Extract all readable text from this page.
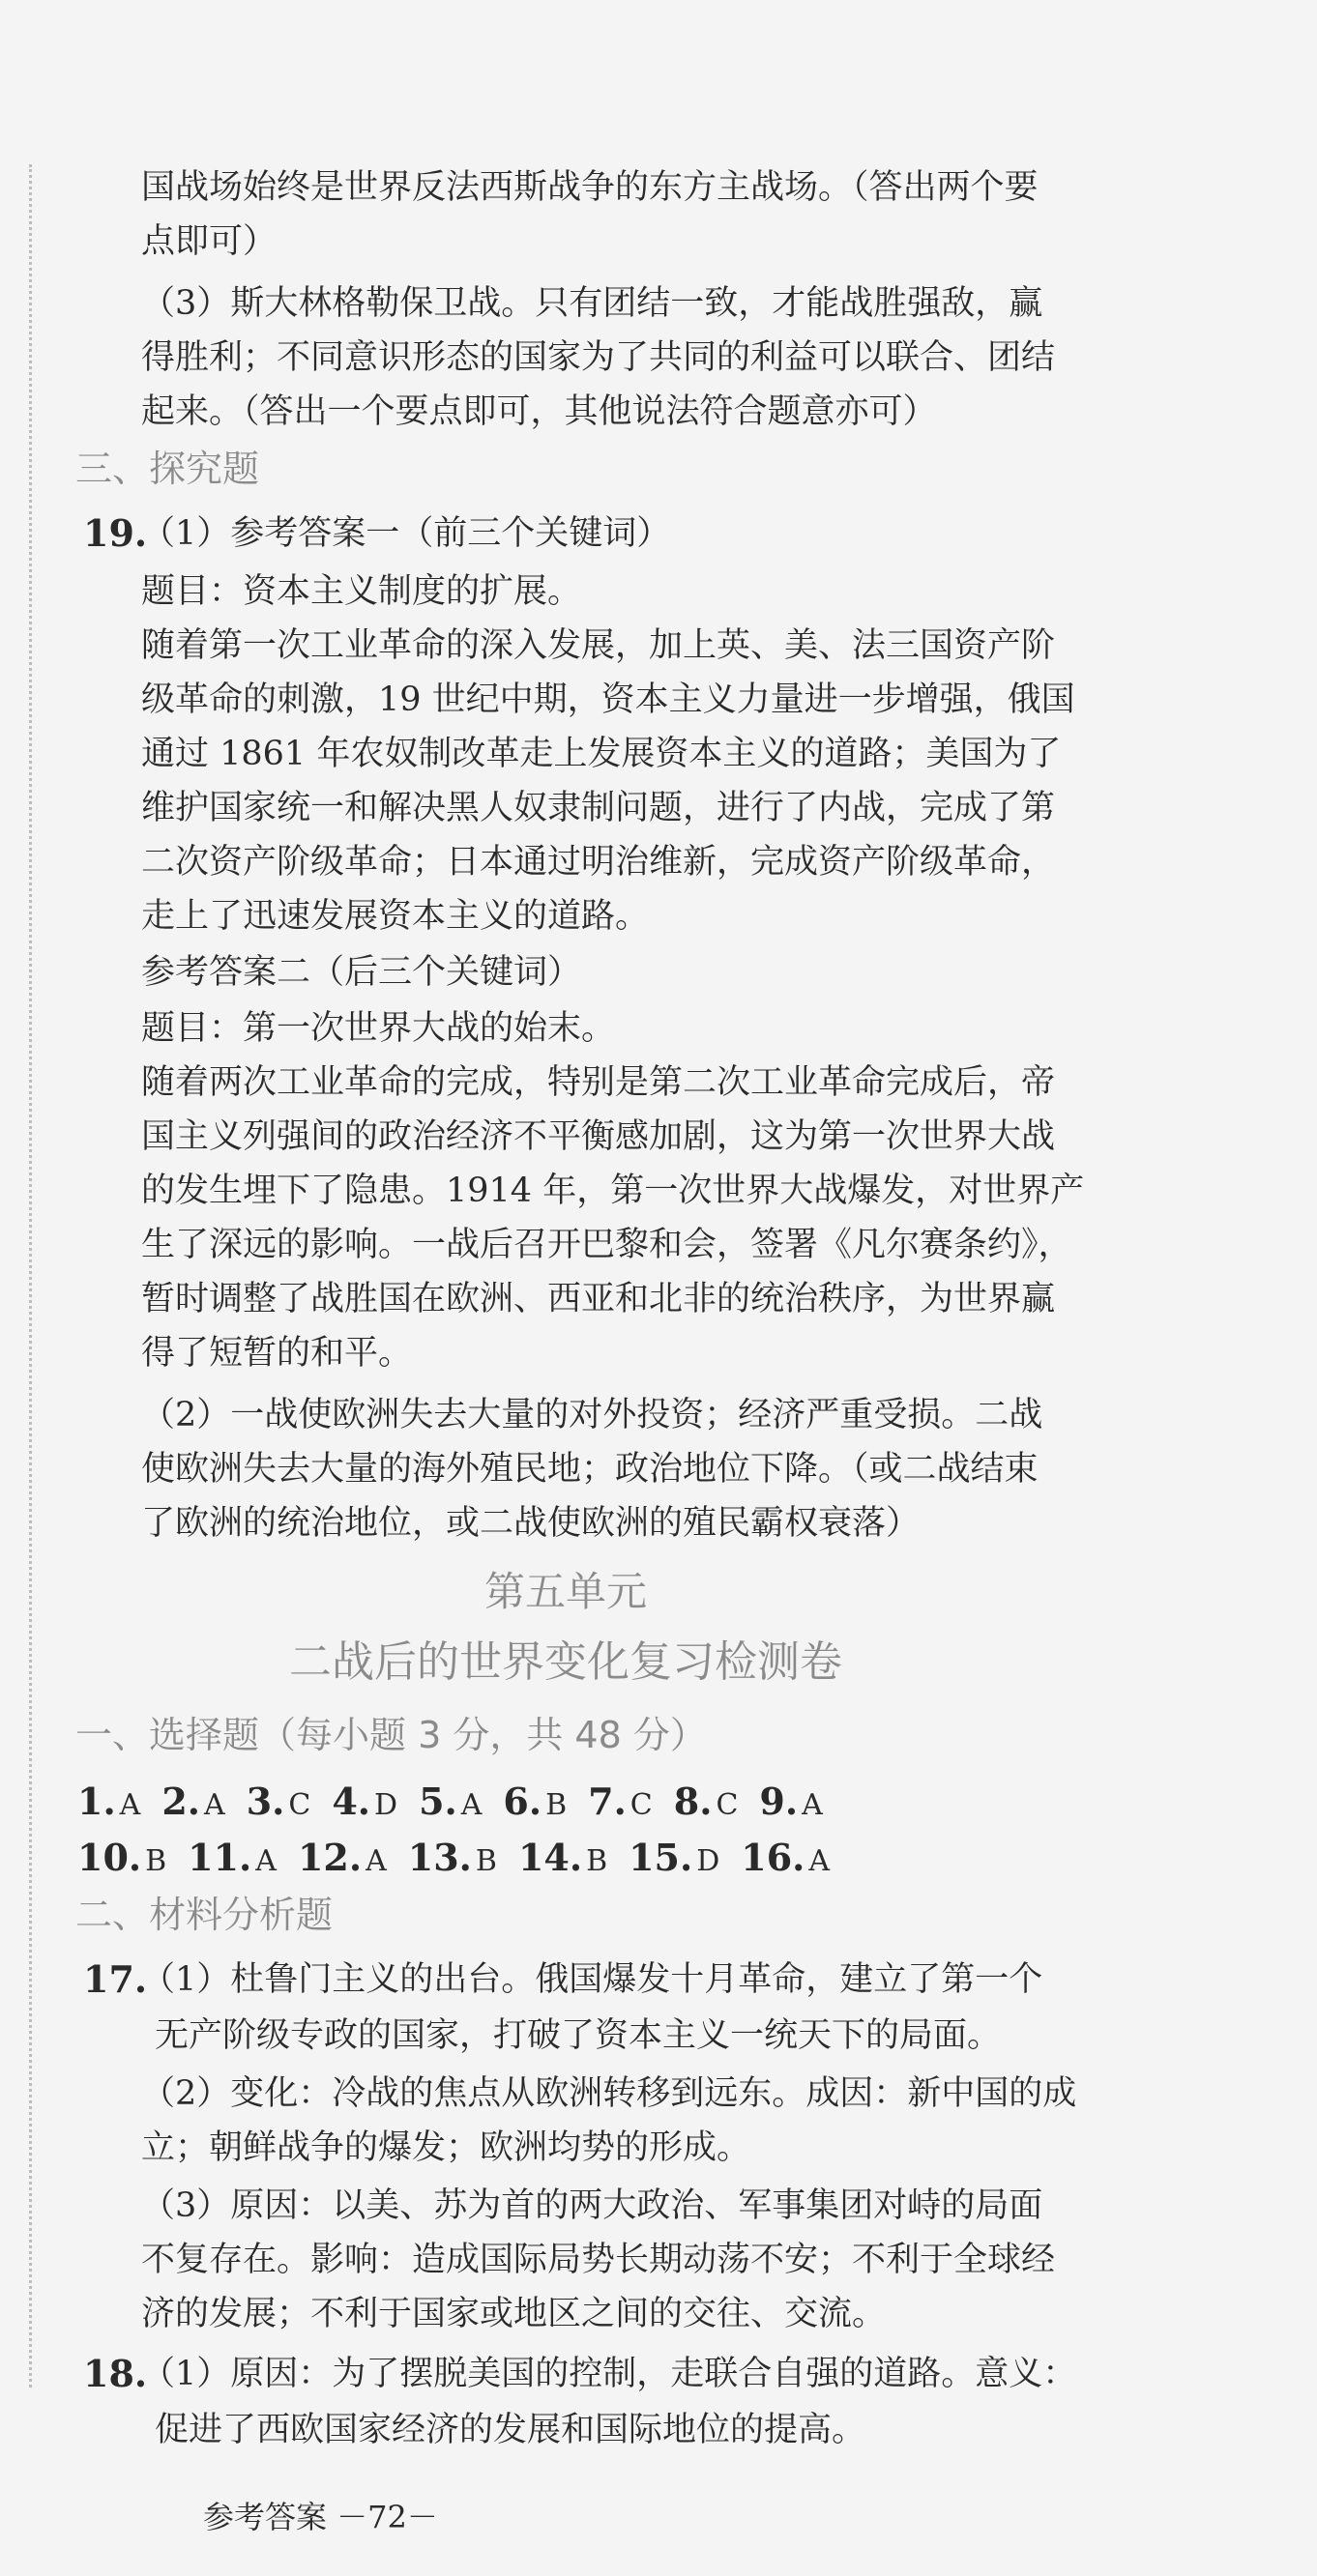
国战场始终是世界反法西斯战争的东方主战场。（答出两个要
点即可）
（3）斯大林格勒保卫战。只有团结一致，才能战胜强敌，赢
得胜利；不同意识形态的国家为了共同的利益可以联合、团结
起来。（答出一个要点即可，其他说法符合题意亦可）
三、探究题
19.
（1）参考答案一（前三个关键词）
题目：资本主义制度的扩展。
随着第一次工业革命的深入发展，加上英、美、法三国资产阶
级革命的刺激，19 世纪中期，资本主义力量进一步增强，俄国
通过 1861 年农奴制改革走上发展资本主义的道路；美国为了
维护国家统一和解决黑人奴隶制问题，进行了内战，完成了第
二次资产阶级革命；日本通过明治维新，完成资产阶级革命，
走上了迅速发展资本主义的道路。
参考答案二（后三个关键词）
题目：第一次世界大战的始末。
随着两次工业革命的完成，特别是第二次工业革命完成后，帝
国主义列强间的政治经济不平衡感加剧，这为第一次世界大战
的发生埋下了隐患。1914 年，第一次世界大战爆发，对世界产
生了深远的影响。一战后召开巴黎和会，签署《凡尔赛条约》，
暂时调整了战胜国在欧洲、西亚和北非的统治秩序，为世界赢
得了短暂的和平。
（2）一战使欧洲失去大量的对外投资；经济严重受损。二战
使欧洲失去大量的海外殖民地；政治地位下降。（或二战结束
了欧洲的统治地位，或二战使欧洲的殖民霸权衰落）
第五单元
二战后的世界变化复习检测卷
一、选择题（每小题 3 分，共 48 分）
1. A 2. A 3. C 4. D 5. A 6. B 7. C 8. C 9. A
10. B 11. A 12. A 13. B 14. B 15. D 16. A
二、材料分析题
17.
（1）杜鲁门主义的出台。俄国爆发十月革命，建立了第一个
无产阶级专政的国家，打破了资本主义一统天下的局面。
（2）变化：冷战的焦点从欧洲转移到远东。成因：新中国的成
立；朝鲜战争的爆发；欧洲均势的形成。
（3）原因：以美、苏为首的两大政治、军事集团对峙的局面
不复存在。影响：造成国际局势长期动荡不安；不利于全球经
济的发展；不利于国家或地区之间的交往、交流。
18.
（1）原因：为了摆脱美国的控制，走联合自强的道路。意义：
促进了西欧国家经济的发展和国际地位的提高。
参考答案 －72－
